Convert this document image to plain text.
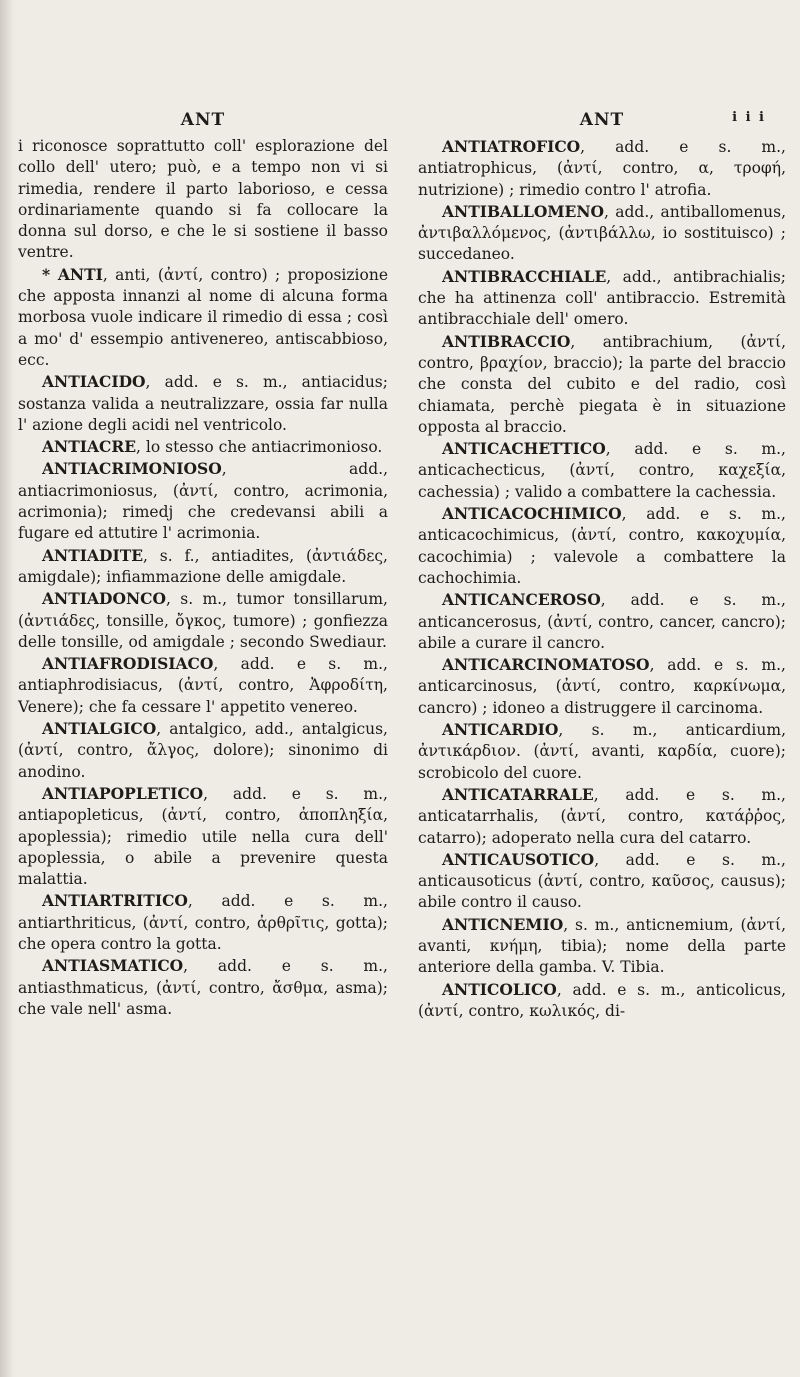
ANT

i riconosce soprattutto coll' esplorazione del collo dell' utero; può, e a tempo non vi si rimedia, rendere il parto laborioso, e cessa ordinariamente quando si fa collocare la donna sul dorso, e che le si sostiene il basso ventre.

* ANTI, anti, (ἀντί, contro) ; proposizione che apposta innanzi al nome di alcuna forma morbosa vuole indicare il rimedio di essa ; così a mo' d' essempio antivenereo, antiscabbioso, ecc.

ANTIACIDO, add. e s. m., antiacidus; sostanza valida a neutralizzare, ossia far nulla l' azione degli acidi nel ventricolo.

ANTIACRE, lo stesso che antiacrimonioso.

ANTIACRIMONIOSO, add., antiacrimoniosus, (ἀντί, contro, acrimonia, acrimonia); rimedj che credevansi abili a fugare ed attutire l' acrimonia.

ANTIADITE, s. f., antiadites, (ἀντιάδες, amigdale); infiammazione delle amigdale.

ANTIADONCO, s. m., tumor tonsillarum, (ἀντιάδες, tonsille, ὄγκος, tumore) ; gonfiezza delle tonsille, od amigdale ; secondo Swediaur.

ANTIAFRODISIACO, add. e s. m., antiaphrodisiacus, (ἀντί, contro, Ἀφροδίτη, Venere); che fa cessare l' appetito venereo.

ANTIALGICO, antalgico, add., antalgicus, (ἀντί, contro, ἄλγος, dolore); sinonimo di anodino.

ANTIAPOPLETICO, add. e s. m., antiapopleticus, (ἀντί, contro, ἀποπληξία, apoplessia); rimedio utile nella cura dell' apoplessia, o abile a prevenire questa malattia.

ANTIARTRITICO, add. e s. m., antiarthriticus, (ἀντί, contro, ἀρθρῖτις, gotta); che opera contro la gotta.

ANTIASMATICO, add. e s. m., antiasthmaticus, (ἀντί, contro, ἄσθμα, asma); che vale nell' asma.

ANT	i i i

ANTIATROFICO, add. e s. m., antiatrophicus, (ἀντί, contro, α, τροφή, nutrizione) ; rimedio contro l' atrofia.

ANTIBALLOMENO, add., antiballomenus, ἀντιβαλλόμενος, (ἀντιβάλλω, io sostituisco) ; succedaneo.

ANTIBRACCHIALE, add., antibrachialis; che ha attinenza coll' antibraccio. Estremità antibracchiale dell' omero.

ANTIBRACCIO, antibrachium, (ἀντί, contro, βραχίον, braccio); la parte del braccio che consta del cubito e del radio, così chiamata, perchè piegata è in situazione opposta al braccio.

ANTICACHETTICO, add. e s. m., anticachecticus, (ἀντί, contro, καχεξία, cachessia) ; valido a combattere la cachessia.

ANTICACOCHIMICO, add. e s. m., anticacochimicus, (ἀντί, contro, κακοχυμία, cacochimia) ; valevole a combattere la cachochimia.

ANTICANCEROSO, add. e s. m., anticancerosus, (ἀντί, contro, cancer, cancro); abile a curare il cancro.

ANTICARCINOMATOSO, add. e s. m., anticarcinosus, (ἀντί, contro, καρκίνωμα, cancro) ; idoneo a distruggere il carcinoma.

ANTICARDIO, s. m., anticardium, ἀντικάρδιον. (ἀντί, avanti, καρδία, cuore); scrobicolo del cuore.

ANTICATARRALE, add. e s. m., anticatarrhalis, (ἀντί, contro, κατάῤῥος, catarro); adoperato nella cura del catarro.

ANTICAUSOTICO, add. e s. m., anticausoticus (ἀντί, contro, καῦσος, causus); abile contro il causo.

ANTICNEMIO, s. m., anticnemium, (ἀντί, avanti, κνήμη, tibia); nome della parte anteriore della gamba. V. Tibia.

ANTICOLICO, add. e s. m., anticolicus, (ἀντί, contro, κωλικός, di-
